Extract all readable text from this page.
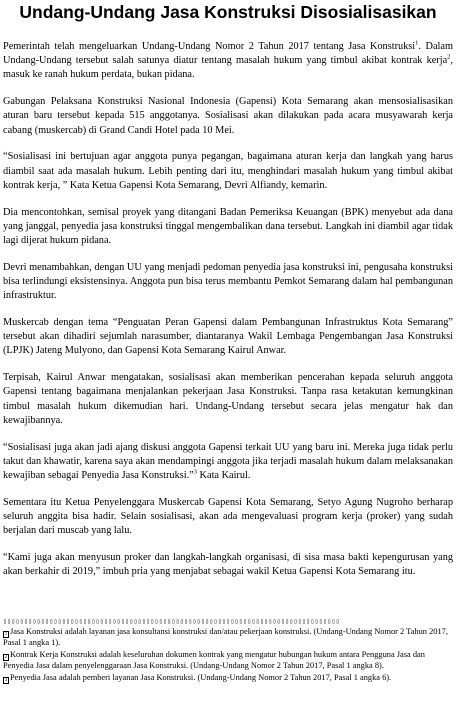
Undang-Undang Jasa Konstruksi Disosialisasikan

Pemerintah telah mengeluarkan Undang-Undang Nomor 2 Tahun 2017 tentang Jasa Konstruksi$^1$. Dalam Undang-Undang tersebut salah satunya diatur tentang masalah hukum yang timbul akibat kontrak kerja$^2$, masuk ke ranah hukum perdata, bukan pidana.

Gabungan Pelaksana Konstruksi Nasional Indonesia (Gapensi) Kota Semarang akan mensosialisasikan aturan baru tersebut kepada 515 anggotanya. Sosialisasi akan dilakukan pada acara musyawarah kerja cabang (muskercab) di Grand Candi Hotel pada 10 Mei.

“Sosialisasi ini bertujuan agar anggota punya pegangan, bagaimana aturan kerja dan langkah yang harus diambil saat ada masalah hukum. Lebih penting dari itu, menghindari masalah hukum yang timbul akibat kontrak kerja, ” Kata Ketua Gapensi Kota Semarang, Devri Alfiandy, kemarin.

Dia mencontohkan, semisal proyek yang ditangani Badan Pemeriksa Keuangan (BPK) menyebut ada dana yang janggal, penyedia jasa konstruksi tinggal mengembalikan dana tersebut. Langkah ini diambil agar tidak lagi dijerat hukum pidana.

Devri menambahkan, dengan UU yang menjadi pedoman penyedia jasa konstruksi ini, pengusaha konstruksi bisa terlindungi eksistensinya. Anggota pun bisa terus membantu Pemkot Semarang dalam hal pembangunan infrastruktur.

Muskercab dengan tema “Penguatan Peran Gapensi dalam Pembangunan Infrastruktus Kota Semarang” tersebut akan dihadiri sejumlah narasumber, diantaranya Wakil Lembaga Pengembangan Jasa Konstruksi (LPJK) Jateng Mulyono, dan Gapensi Kota Semarang Kairul Anwar.

Terpisah, Kairul Anwar mengatakan, sosialisasi akan memberikan pencerahan kepada seluruh anggota Gapensi tentang bagaimana menjalankan pekerjaan Jasa Konstruksi. Tanpa rasa ketakutan kemungkinan timbul masalah hukum dikemudian hari. Undang-Undang tersebut secara jelas mengatur hak dan kewajibannya.

“Sosialisasi juga akan jadi ajang diskusi anggota Gapensi terkait UU yang baru ini. Mereka juga tidak perlu takut dan khawatir, karena saya akan mendampingi anggota jika terjadi masalah hukum dalam melaksanakan kewajiban sebagai Penyedia Jasa Konstruksi.”$^3$ Kata Kairul.

Sementara itu Ketua Penyelenggara Muskercab Gapensi Kota Semarang, Setyo Agung Nugroho berharap seluruh anggita bisa hadir. Selain sosialisasi, akan ada mengevaluasi program kerja (proker) yang sudah berjalan dari muscab yang lalu.

“Kami juga akan menyusun proker dan langkah-langkah organisasi, di sisa masa bakti kepengurusan yang akan berkahir di 2019,” imbuh pria yang menjabat sebagai wakil Ketua Gapensi Kota Semarang itu.

▯▯▯▯▯▯▯▯▯▯▯▯▯▯▯▯▯▯▯▯▯▯▯▯▯▯▯▯▯▯▯▯▯▯▯▯▯▯▯▯▯▯▯▯▯▯▯▯▯▯▯▯▯▯▯▯▯▯▯▯▯▯▯▯▯▯▯▯▯▯▯▯▯▯▯▯▯▯▯▯
1 Jasa Konstruksi adalah layanan jasa konsultansi konstruksi dan/atau pekerjaan konstruksi. (Undang-Undang Nomor 2 Tahun 2017, Pasal 1 angka 1).
2 Kontrak Kerja Konstruksi adalah keseluruhan dokumen kontrak yang mengatur hubungan hukum antara Pengguna Jasa dan Penyedia Jasa dalam penyelenggaraan Jasa Konstruksi. (Undang-Undang Nomor 2 Tahun 2017, Pasal 1 angka 8).
3 Penyedia Jasa adalah pemberi layanan Jasa Konstruksi. (Undang-Undang Nomor 2 Tahun 2017, Pasal 1 angka 6).
